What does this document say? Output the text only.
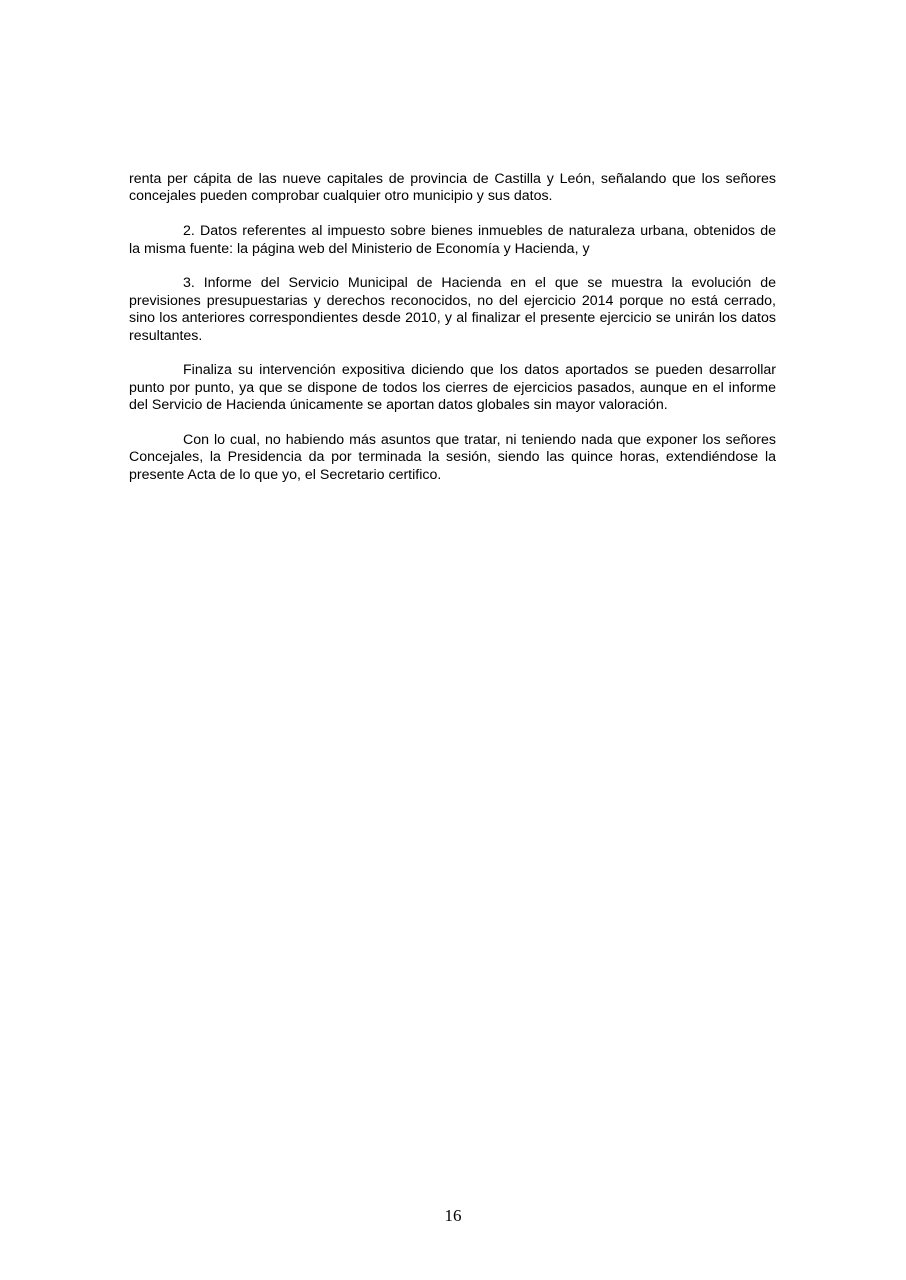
renta per cápita de las nueve capitales de provincia de Castilla y León, señalando que los señores concejales pueden comprobar cualquier otro municipio y sus datos.

2. Datos referentes al impuesto sobre bienes inmuebles de naturaleza urbana, obtenidos de la misma fuente: la página web del Ministerio de Economía y Hacienda, y

3. Informe del Servicio Municipal de Hacienda en el que se muestra la evolución de previsiones presupuestarias y derechos reconocidos, no del ejercicio 2014 porque no está cerrado, sino los anteriores correspondientes desde 2010, y al finalizar el presente ejercicio se unirán los datos resultantes.

Finaliza su intervención expositiva diciendo que los datos aportados se pueden desarrollar punto por punto, ya que se dispone de todos los cierres de ejercicios pasados, aunque en el informe del Servicio de Hacienda únicamente se aportan datos globales sin mayor valoración.

Con lo cual, no habiendo más asuntos que tratar, ni teniendo nada que exponer los señores Concejales, la Presidencia da por terminada la sesión, siendo las quince horas, extendiéndose la presente Acta de lo que yo, el Secretario certifico.

16
